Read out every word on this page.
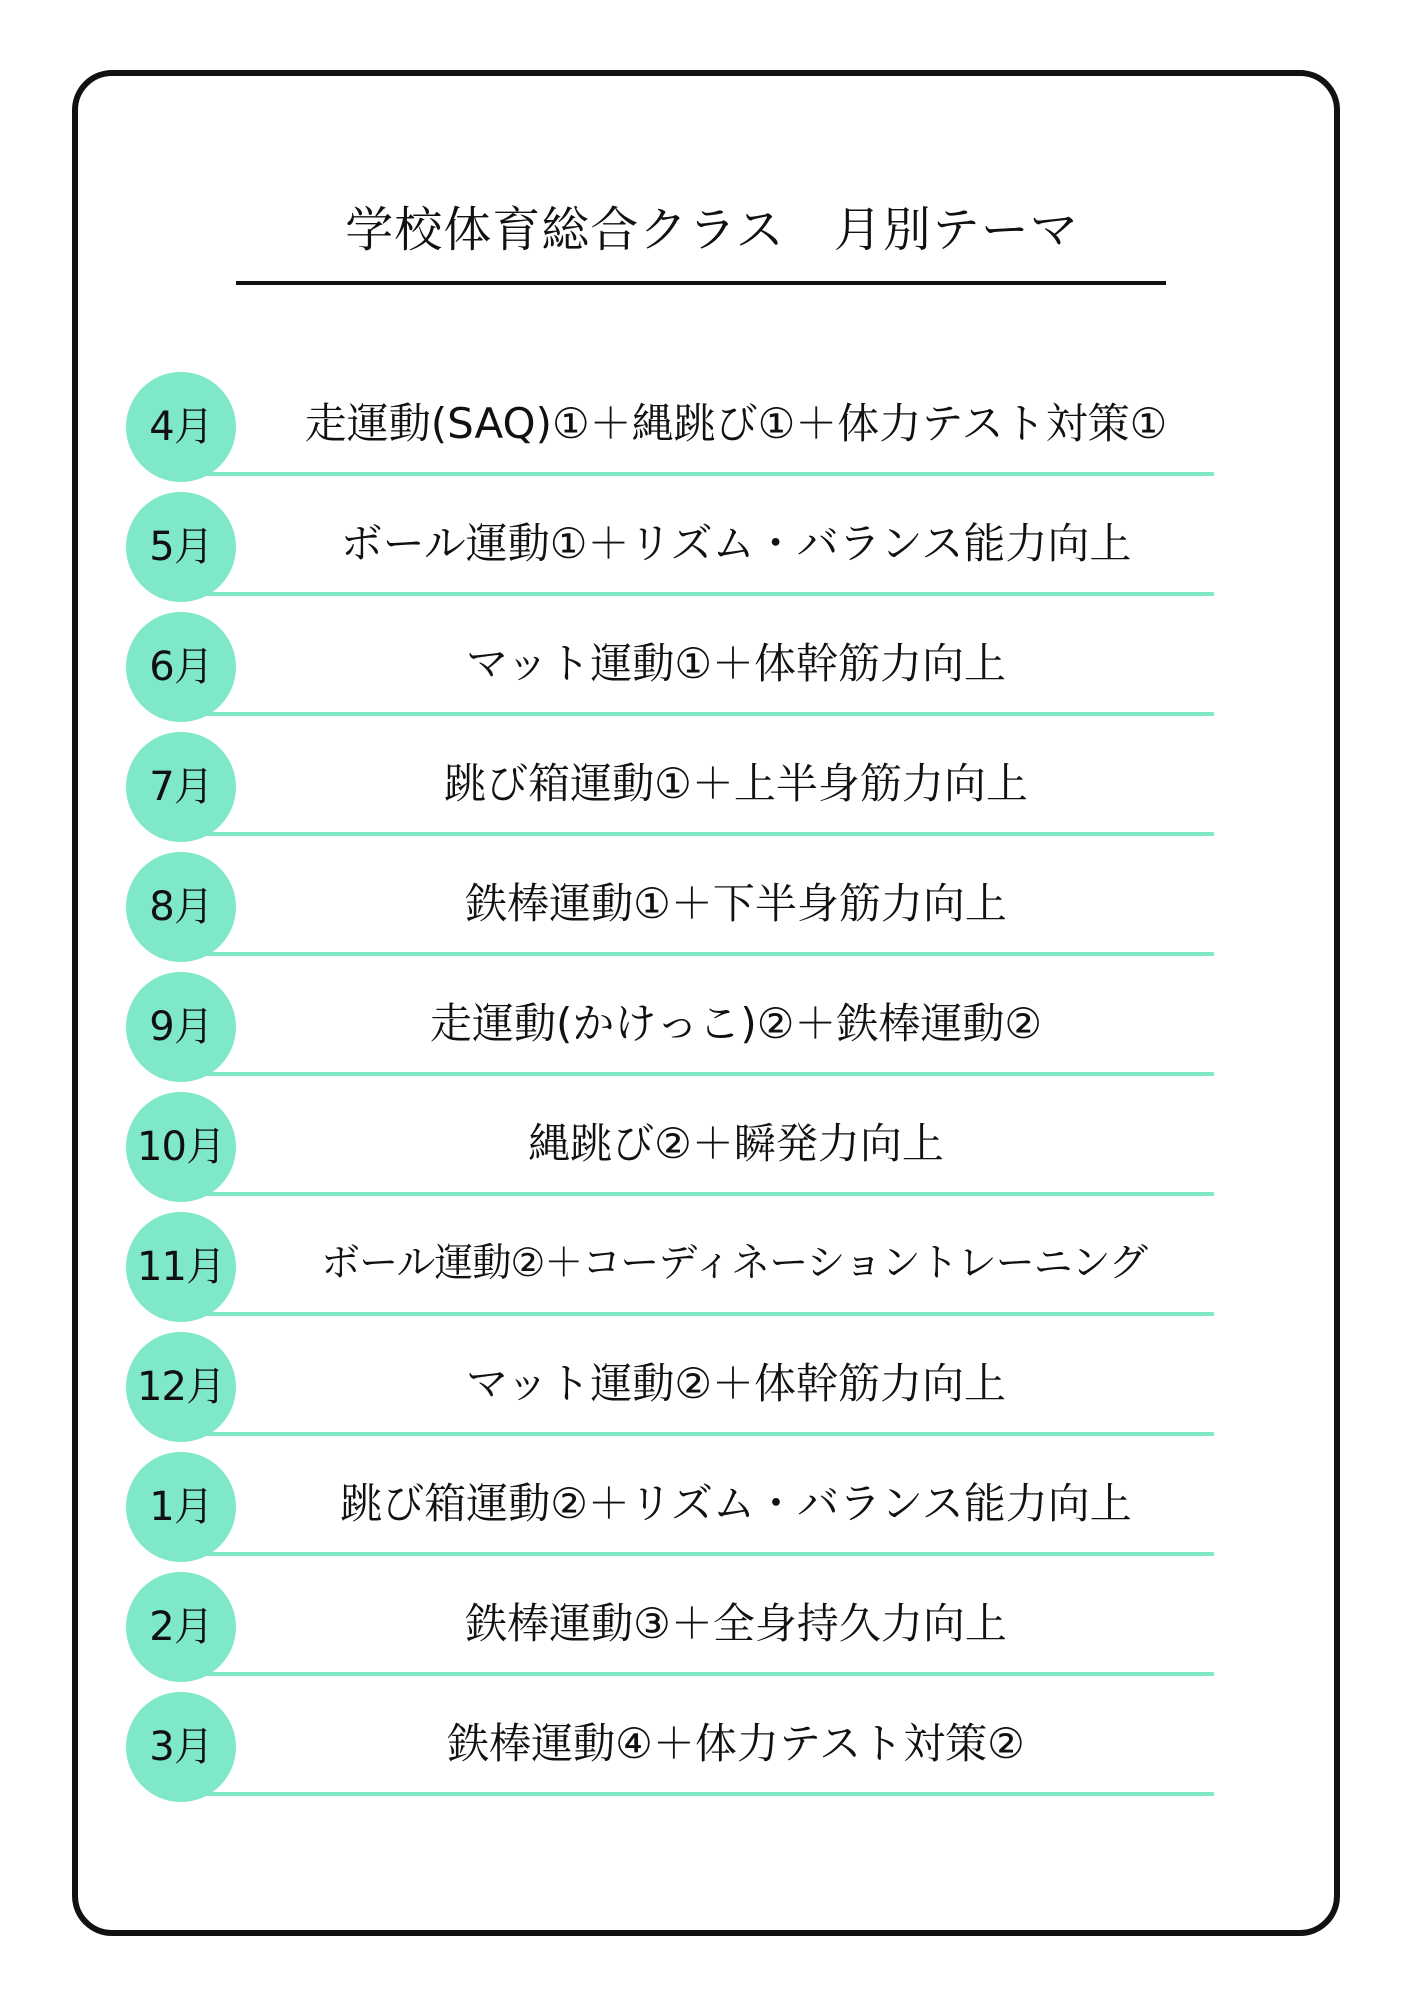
学校体育総合クラス　月別テーマ
4月	走運動(SAQ)①＋縄跳び①＋体力テスト対策①
5月	ボール運動①＋リズム・バランス能力向上
6月	マット運動①＋体幹筋力向上
7月	跳び箱運動①＋上半身筋力向上
8月	鉄棒運動①＋下半身筋力向上
9月	走運動(かけっこ)②＋鉄棒運動②
10月	縄跳び②＋瞬発力向上
11月	ボール運動②＋コーディネーショントレーニング
12月	マット運動②＋体幹筋力向上
1月	跳び箱運動②＋リズム・バランス能力向上
2月	鉄棒運動③＋全身持久力向上
3月	鉄棒運動④＋体力テスト対策②
